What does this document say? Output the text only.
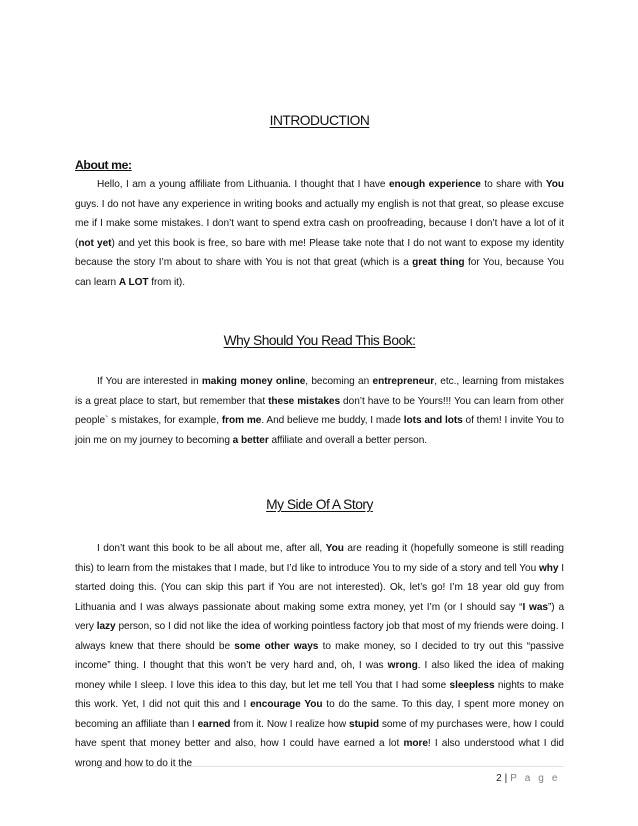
INTRODUCTION
About me:

Hello, I am a young affiliate from Lithuania. I thought that I have enough experience to share with You guys. I do not have any experience in writing books and actually my english is not that great, so please excuse me if I make some mistakes. I don’t want to spend extra cash on proofreading, because I don’t have a lot of it (not yet) and yet this book is free, so bare with me! Please take note that I do not want to expose my identity because the story I’m about to share with You is not that great (which is a great thing for You, because You can learn A LOT from it).

Why Should You Read This Book:

If You are interested in making money online, becoming an entrepreneur, etc., learning from mistakes is a great place to start, but remember that these mistakes don’t have to be Yours!!! You can learn from other people` s mistakes, for example, from me. And believe me buddy, I made lots and lots of them! I invite You to join me on my journey to becoming a better affiliate and overall a better person.

My Side Of A Story

I don’t want this book to be all about me, after all, You are reading it (hopefully someone is still reading this) to learn from the mistakes that I made, but I’d like to introduce You to my side of a story and tell You why I started doing this. (You can skip this part if You are not interested). Ok, let’s go! I’m 18 year old guy from Lithuania and I was always passionate about making some extra money, yet I’m (or I should say “I was”) a very lazy person, so I did not like the idea of working pointless factory job that most of my friends were doing. I always knew that there should be some other ways to make money, so I decided to try out this “passive income” thing. I thought that this won’t be very hard and, oh, I was wrong. I also liked the idea of making money while I sleep. I love this idea to this day, but let me tell You that I had some sleepless nights to make this work. Yet, I did not quit this and I encourage You to do the same. To this day, I spent more money on becoming an affiliate than I earned from it. Now I realize how stupid some of my purchases were, how I could have spent that money better and also, how I could have earned a lot more! I also understood what I did wrong and how to do it the

2 | P a g e
